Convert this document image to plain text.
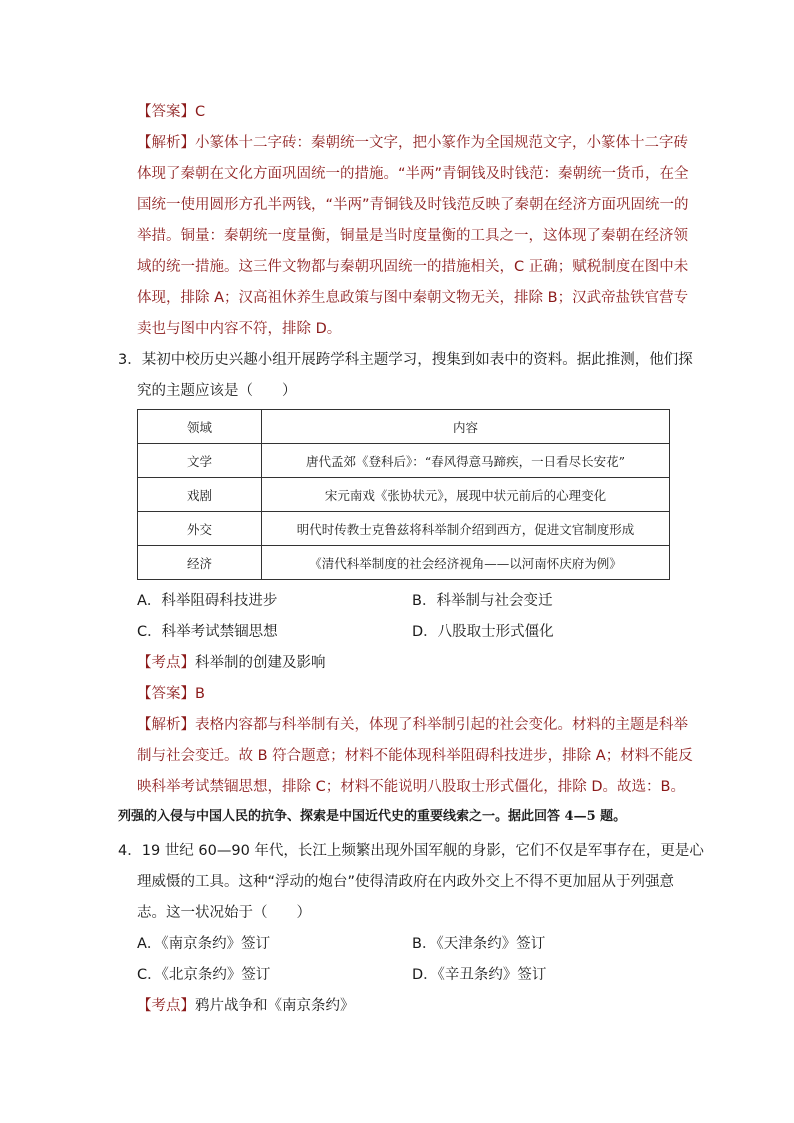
【答案】C
【解析】小篆体十二字砖：秦朝统一文字，把小篆作为全国规范文字，小篆体十二字砖
体现了秦朝在文化方面巩固统一的措施。“半两”青铜钱及时钱范：秦朝统一货币，在全
国统一使用圆形方孔半两钱，“半两”青铜钱及时钱范反映了秦朝在经济方面巩固统一的
举措。铜量：秦朝统一度量衡，铜量是当时度量衡的工具之一，这体现了秦朝在经济领
域的统一措施。这三件文物都与秦朝巩固统一的措施相关，C 正确；赋税制度在图中未
体现，排除 A；汉高祖休养生息政策与图中秦朝文物无关，排除 B；汉武帝盐铁官营专
卖也与图中内容不符，排除 D。
3．某初中校历史兴趣小组开展跨学科主题学习，搜集到如表中的资料。据此推测，他们探
究的主题应该是（　　）
领域	内容
文学	唐代孟郊《登科后》：“春风得意马蹄疾，一日看尽长安花”
戏剧	宋元南戏《张协状元》，展现中状元前后的心理变化
外交	明代时传教士克鲁兹将科举制介绍到西方，促进文官制度形成
经济	《清代科举制度的社会经济视角——以河南怀庆府为例》
A．科举阻碍科技进步	B．科举制与社会变迁
C．科举考试禁锢思想	D．八股取士形式僵化
【考点】科举制的创建及影响
【答案】B
【解析】表格内容都与科举制有关，体现了科举制引起的社会变化。材料的主题是科举
制与社会变迁。故 B 符合题意；材料不能体现科举阻碍科技进步，排除 A；材料不能反
映科举考试禁锢思想，排除 C；材料不能说明八股取士形式僵化，排除 D。故选：B。
列强的入侵与中国人民的抗争、探索是中国近代史的重要线索之一。据此回答 4—5 题。
4．19 世纪 60—90 年代，长江上频繁出现外国军舰的身影，它们不仅是军事存在，更是心
理威慑的工具。这种“浮动的炮台”使得清政府在内政外交上不得不更加屈从于列强意
志。这一状况始于（　　）
A．《南京条约》签订	B．《天津条约》签订
C．《北京条约》签订	D．《辛丑条约》签订
【考点】鸦片战争和《南京条约》
